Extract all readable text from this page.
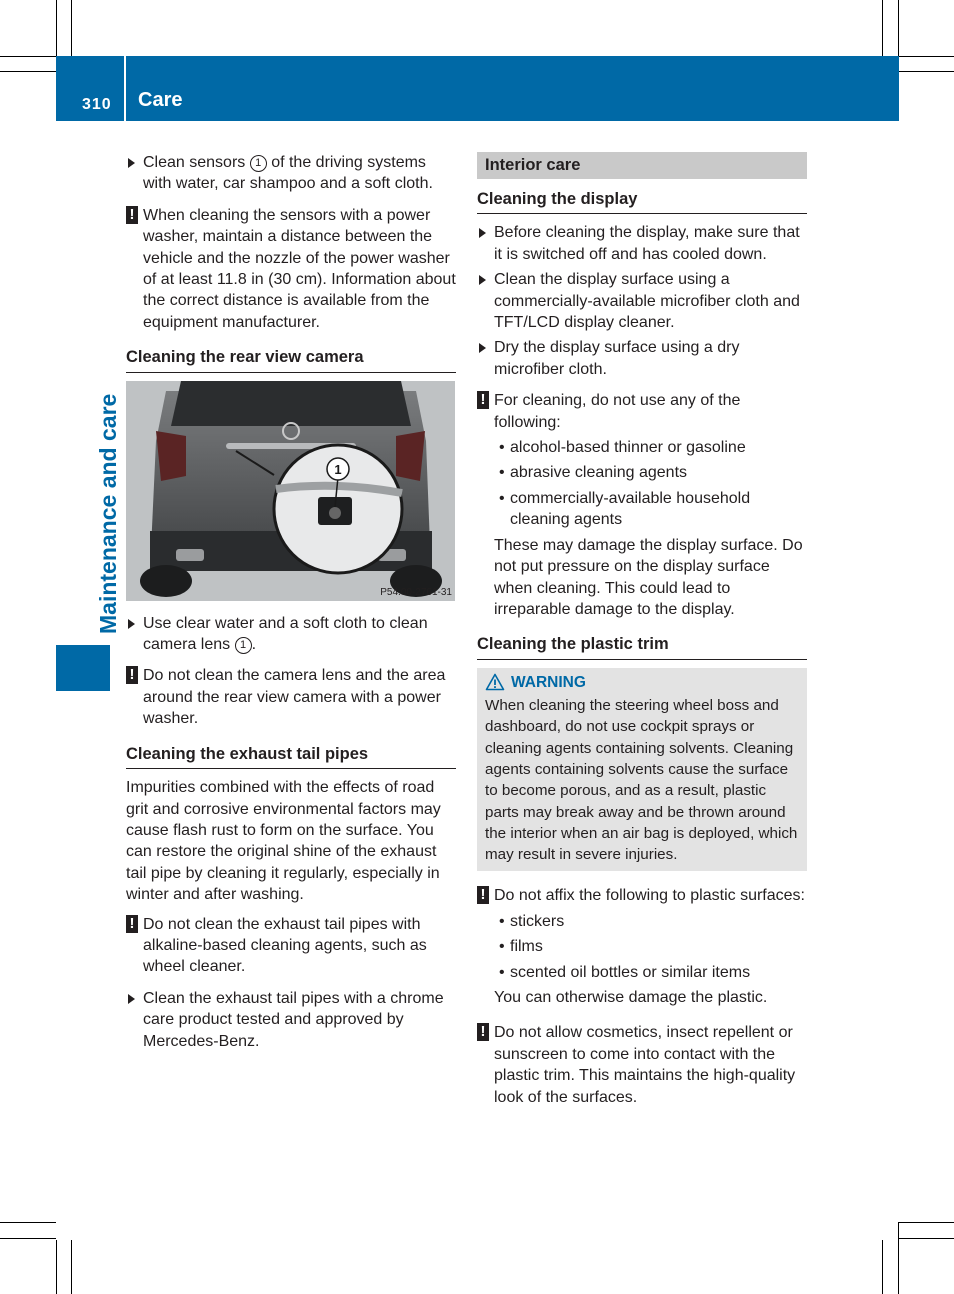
310 Care
Maintenance and care
Clean sensors 1 of the driving systems with water, car shampoo and a soft cloth.
! When cleaning the sensors with a power washer, maintain a distance between the vehicle and the nozzle of the power washer of at least 11.8 in (30 cm). Information about the correct distance is available from the equipment manufacturer.
Cleaning the rear view camera
1
P54.00-2761-31
Use clear water and a soft cloth to clean camera lens 1 .
! Do not clean the camera lens and the area around the rear view camera with a power washer.
Cleaning the exhaust tail pipes

Impurities combined with the effects of road grit and corrosive environmental factors may cause flash rust to form on the surface. You can restore the original shine of the exhaust tail pipe by cleaning it regularly, especially in winter and after washing.

! Do not clean the exhaust tail pipes with alkaline-based cleaning agents, such as wheel cleaner.
Clean the exhaust tail pipes with a chrome care product tested and approved by Mercedes-Benz.
Interior care
Cleaning the display
Before cleaning the display, make sure that it is switched off and has cooled down.
Clean the display surface using a commercially-available microfiber cloth and TFT/LCD display cleaner.
Dry the display surface using a dry microfiber cloth.
! For cleaning, do not use any of the following:
• alcohol-based thinner or gasoline
• abrasive cleaning agents
• commercially-available household cleaning agents
These may damage the display surface. Do not put pressure on the display surface when cleaning. This could lead to irreparable damage to the display.
Cleaning the plastic trim
WARNING
When cleaning the steering wheel boss and dashboard, do not use cockpit sprays or cleaning agents containing solvents. Cleaning agents containing solvents cause the surface to become porous, and as a result, plastic parts may break away and be thrown around the interior when an air bag is deployed, which may result in severe injuries.
! Do not affix the following to plastic surfaces:
• stickers
• films
• scented oil bottles or similar items
You can otherwise damage the plastic.
! Do not allow cosmetics, insect repellent or sunscreen to come into contact with the plastic trim. This maintains the high-quality look of the surfaces.
